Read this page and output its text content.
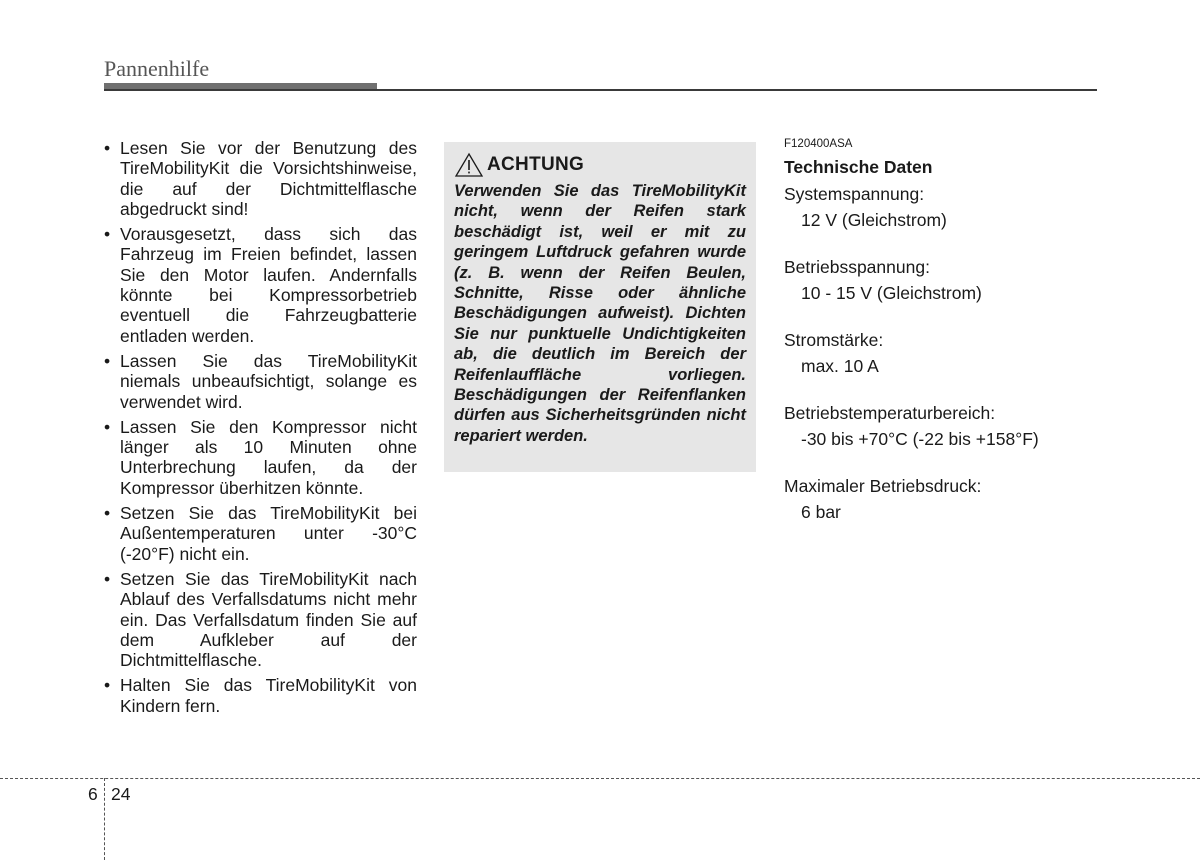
Pannenhilfe
• Lesen Sie vor der Benutzung des TireMobilityKit die Vorsichtshinweise, die auf der Dichtmittelflasche abgedruckt sind!
• Vorausgesetzt, dass sich das Fahrzeug im Freien befindet, lassen Sie den Motor laufen. Andernfalls könnte bei Kompressorbetrieb eventuell die Fahrzeugbatterie entladen werden.
• Lassen Sie das TireMobilityKit niemals unbeaufsichtigt, solange es verwendet wird.
• Lassen Sie den Kompressor nicht länger als 10 Minuten ohne Unterbrechung laufen, da der Kompressor überhitzen könnte.
• Setzen Sie das TireMobilityKit bei Außentemperaturen unter -30°C (-20°F) nicht ein.
• Setzen Sie das TireMobilityKit nach Ablauf des Verfallsdatums nicht mehr ein. Das Verfallsdatum finden Sie auf dem Aufkleber auf der Dichtmittelflasche.
• Halten Sie das TireMobilityKit von Kindern fern.
ACHTUNG
Verwenden Sie das TireMobilityKit nicht, wenn der Reifen stark beschädigt ist, weil er mit zu geringem Luftdruck gefahren wurde (z. B. wenn der Reifen Beulen, Schnitte, Risse oder ähnliche Beschädigungen aufweist). Dichten Sie nur punktuelle Undichtigkeiten ab, die deutlich im Bereich der Reifenlauffläche vorliegen. Beschädigungen der Reifenflanken dürfen aus Sicherheitsgründen nicht repariert werden.
F120400ASA
Technische Daten
Systemspannung:
12 V (Gleichstrom)
Betriebsspannung:
10 - 15 V (Gleichstrom)
Stromstärke:
max. 10 A
Betriebstemperaturbereich:
-30 bis +70°C (-22 bis +158°F)
Maximaler Betriebsdruck:
6 bar
6 24
